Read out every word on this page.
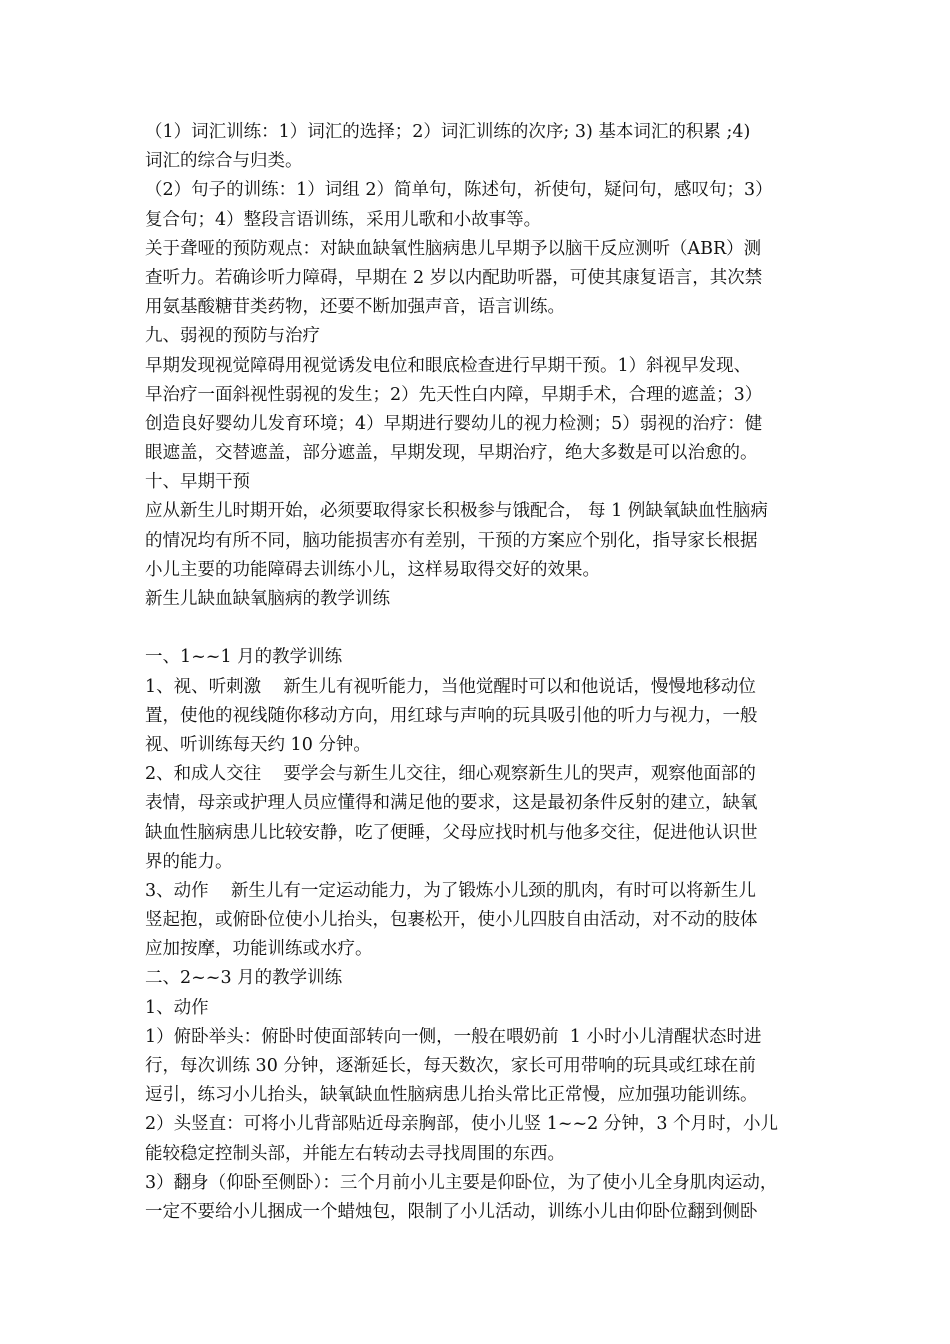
（1）词汇训练：1）词汇的选择；2）词汇训练的次序; 3) 基本词汇的积累 ;4)
词汇的综合与归类。
（2）句子的训练：1）词组 2）简单句，陈述句，祈使句，疑问句，感叹句；3）
复合句；4）整段言语训练，采用儿歌和小故事等。
关于聋哑的预防观点：对缺血缺氧性脑病患儿早期予以脑干反应测听（ABR）测
查听力。若确诊听力障碍，早期在 2 岁以内配助听器，可使其康复语言，其次禁
用氨基酸糖苷类药物，还要不断加强声音，语言训练。
九、弱视的预防与治疗
早期发现视觉障碍用视觉诱发电位和眼底检查进行早期干预。1）斜视早发现、
早治疗一面斜视性弱视的发生；2）先天性白内障，早期手术，合理的遮盖；3）
创造良好婴幼儿发育环境；4）早期进行婴幼儿的视力检测；5）弱视的治疗：健
眼遮盖，交替遮盖，部分遮盖，早期发现，早期治疗，绝大多数是可以治愈的。
十、早期干预
应从新生儿时期开始，必须要取得家长积极参与饿配合， 每 1 例缺氧缺血性脑病
的情况均有所不同，脑功能损害亦有差别，干预的方案应个别化，指导家长根据
小儿主要的功能障碍去训练小儿，这样易取得交好的效果。
新生儿缺血缺氧脑病的教学训练
一、1~~1 月的教学训练
1、视、听刺激    新生儿有视听能力，当他觉醒时可以和他说话，慢慢地移动位
置，使他的视线随你移动方向，用红球与声响的玩具吸引他的听力与视力，一般
视、听训练每天约 10 分钟。
2、和成人交往    要学会与新生儿交往，细心观察新生儿的哭声，观察他面部的
表情，母亲或护理人员应懂得和满足他的要求，这是最初条件反射的建立，缺氧
缺血性脑病患儿比较安静，吃了便睡，父母应找时机与他多交往，促进他认识世
界的能力。
3、动作    新生儿有一定运动能力，为了锻炼小儿颈的肌肉，有时可以将新生儿
竖起抱，或俯卧位使小儿抬头，包裹松开，使小儿四肢自由活动，对不动的肢体
应加按摩，功能训练或水疗。
二、2~~3 月的教学训练
1、动作
1）俯卧举头：俯卧时使面部转向一侧，一般在喂奶前  1 小时小儿清醒状态时进
行，每次训练 30 分钟，逐渐延长，每天数次，家长可用带响的玩具或红球在前
逗引，练习小儿抬头，缺氧缺血性脑病患儿抬头常比正常慢，应加强功能训练。
2）头竖直：可将小儿背部贴近母亲胸部，使小儿竖 1~~2 分钟，3 个月时，小儿
能较稳定控制头部，并能左右转动去寻找周围的东西。
3）翻身（仰卧至侧卧）：三个月前小儿主要是仰卧位，为了使小儿全身肌肉运动，
一定不要给小儿捆成一个蜡烛包，限制了小儿活动，训练小儿由仰卧位翻到侧卧
